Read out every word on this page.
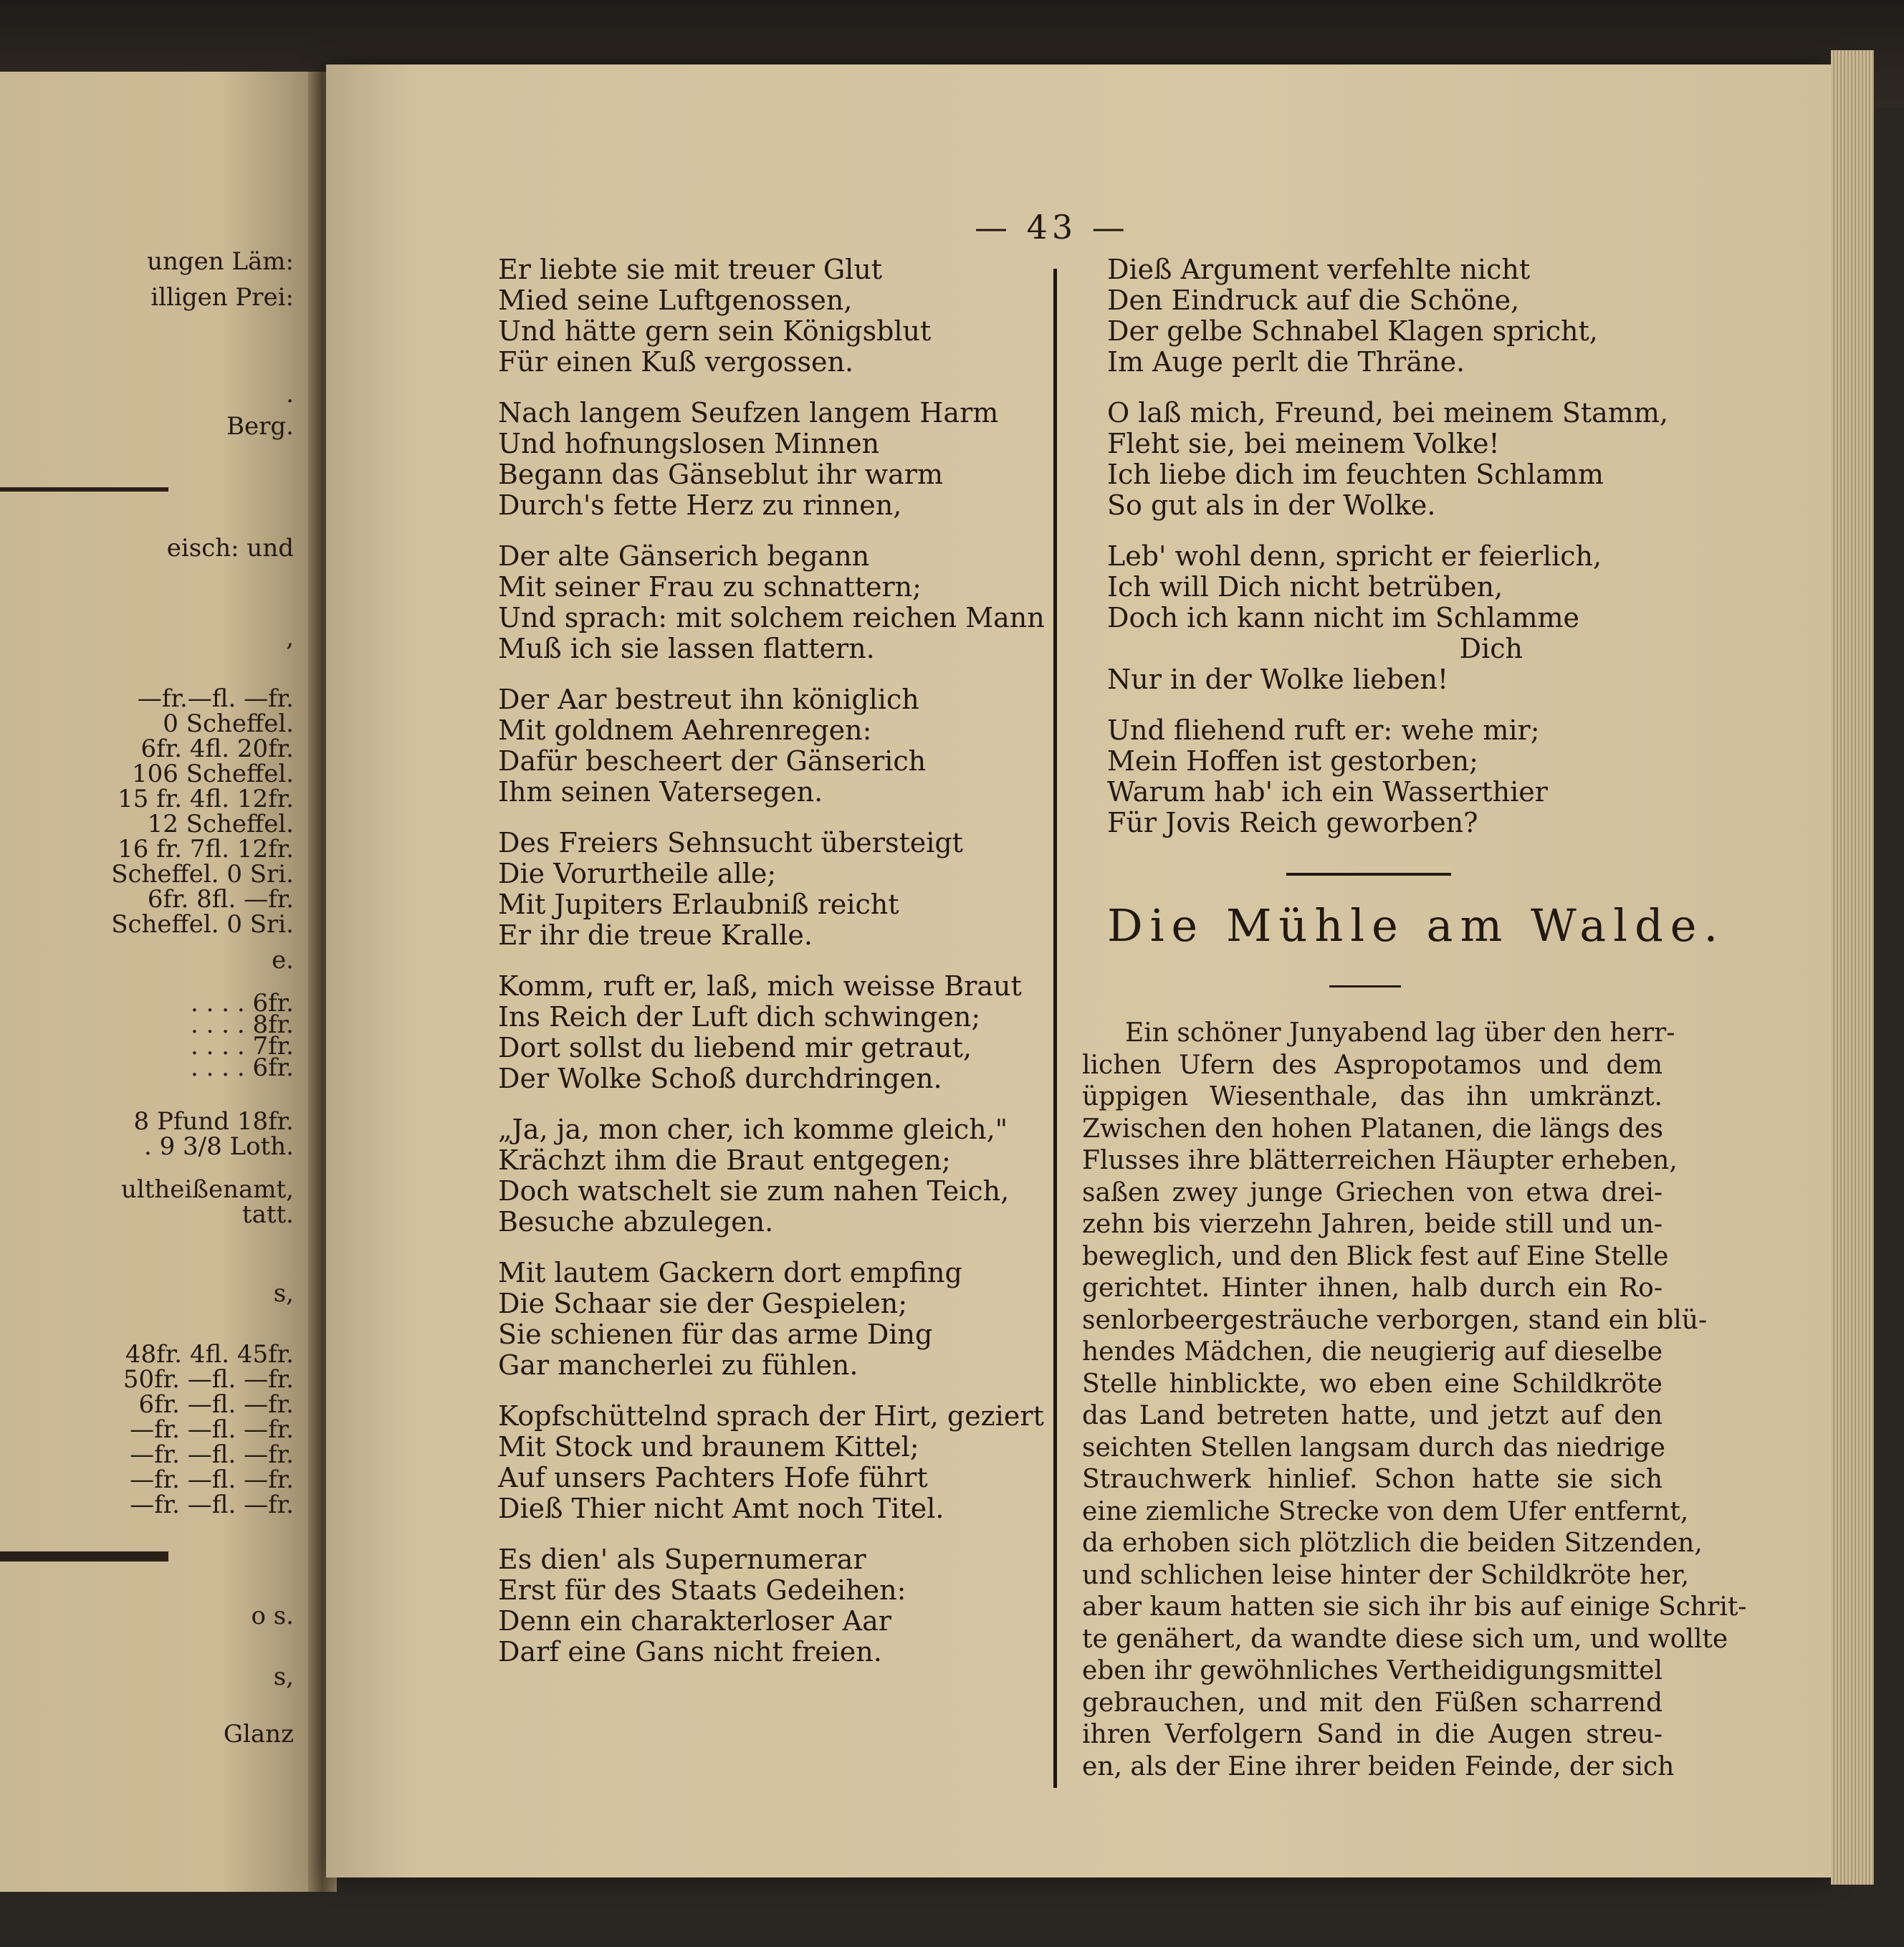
ungen Läm:
illigen Prei:
.
Berg.
eisch: und
,
—fr.—fl. —fr.
0 Scheffel.
6fr. 4fl. 20fr.
106 Scheffel.
15 fr. 4fl. 12fr.
12 Scheffel.
16 fr. 7fl. 12fr.
Scheffel. 0 Sri.
6fr. 8fl. —fr.
Scheffel. 0 Sri.
e.
. . . . 6fr.
. . . . 8fr.
. . . . 7fr.
. . . . 6fr.
8 Pfund 18fr.
. 9 3/8 Loth.
ultheißenamt,
tatt.
s,
48fr. 4fl. 45fr.
50fr. —fl. —fr.
6fr. —fl. —fr.
—fr. —fl. —fr.
—fr. —fl. —fr.
—fr. —fl. —fr.
—fr. —fl. —fr.
o s.
s,
Glanz
— 43 —
Er liebte sie mit treuer Glut
Mied seine Luftgenossen,
Und hätte gern sein Königsblut
Für einen Kuß vergossen.
Nach langem Seufzen langem Harm
Und hofnungslosen Minnen
Begann das Gänseblut ihr warm
Durch's fette Herz zu rinnen,
Der alte Gänserich begann
Mit seiner Frau zu schnattern;
Und sprach: mit solchem reichen Mann
Muß ich sie lassen flattern.
Der Aar bestreut ihn königlich
Mit goldnem Aehrenregen:
Dafür bescheert der Gänserich
Ihm seinen Vatersegen.
Des Freiers Sehnsucht übersteigt
Die Vorurtheile alle;
Mit Jupiters Erlaubniß reicht
Er ihr die treue Kralle.
Komm, ruft er, laß, mich weisse Braut
Ins Reich der Luft dich schwingen;
Dort sollst du liebend mir getraut,
Der Wolke Schoß durchdringen.
„Ja, ja, mon cher, ich komme gleich,"
Krächzt ihm die Braut entgegen;
Doch watschelt sie zum nahen Teich,
Besuche abzulegen.
Mit lautem Gackern dort empfing
Die Schaar sie der Gespielen;
Sie schienen für das arme Ding
Gar mancherlei zu fühlen.
Kopfschüttelnd sprach der Hirt, geziert
Mit Stock und braunem Kittel;
Auf unsers Pachters Hofe führt
Dieß Thier nicht Amt noch Titel.
Es dien' als Supernumerar
Erst für des Staats Gedeihen:
Denn ein charakterloser Aar
Darf eine Gans nicht freien.
Dieß Argument verfehlte nicht
Den Eindruck auf die Schöne,
Der gelbe Schnabel Klagen spricht,
Im Auge perlt die Thräne.
O laß mich, Freund, bei meinem Stamm,
Fleht sie, bei meinem Volke!
Ich liebe dich im feuchten Schlamm
So gut als in der Wolke.
Leb' wohl denn, spricht er feierlich,
Ich will Dich nicht betrüben,
Doch ich kann nicht im Schlamme
Dich
Nur in der Wolke lieben!
Und fliehend ruft er: wehe mir;
Mein Hoffen ist gestorben;
Warum hab' ich ein Wasserthier
Für Jovis Reich geworben?
Die Mühle am Walde.
Ein schöner Junyabend lag über den herr-
lichen Ufern des Aspropotamos und dem
üppigen Wiesenthale, das ihn umkränzt.
Zwischen den hohen Platanen, die längs des
Flusses ihre blätterreichen Häupter erheben,
saßen zwey junge Griechen von etwa drei-
zehn bis vierzehn Jahren, beide still und un-
beweglich, und den Blick fest auf Eine Stelle
gerichtet. Hinter ihnen, halb durch ein Ro-
senlorbeergesträuche verborgen, stand ein blü-
hendes Mädchen, die neugierig auf dieselbe
Stelle hinblickte, wo eben eine Schildkröte
das Land betreten hatte, und jetzt auf den
seichten Stellen langsam durch das niedrige
Strauchwerk hinlief. Schon hatte sie sich
eine ziemliche Strecke von dem Ufer entfernt,
da erhoben sich plötzlich die beiden Sitzenden,
und schlichen leise hinter der Schildkröte her,
aber kaum hatten sie sich ihr bis auf einige Schrit-
te genähert, da wandte diese sich um, und wollte
eben ihr gewöhnliches Vertheidigungsmittel
gebrauchen, und mit den Füßen scharrend
ihren Verfolgern Sand in die Augen streu-
en, als der Eine ihrer beiden Feinde, der sich
